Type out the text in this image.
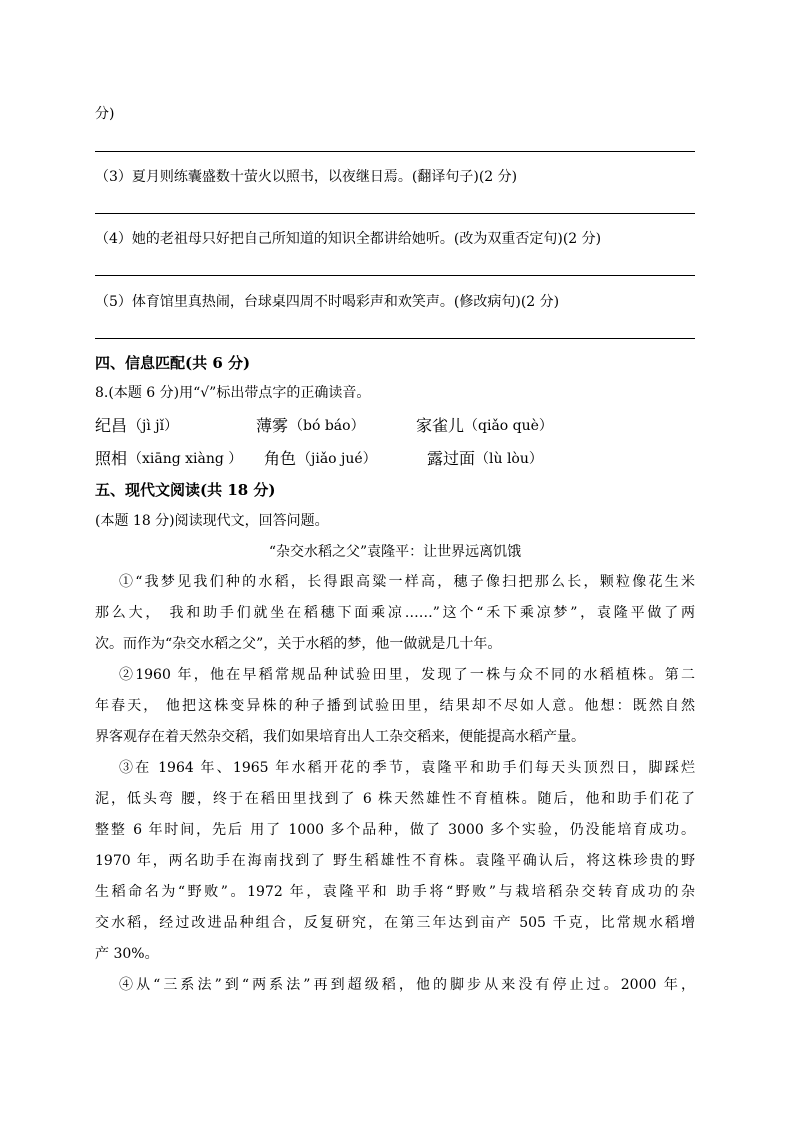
分)
（3）夏月则练囊盛数十萤火以照书，以夜继日焉。(翻译句子)(2 分)
（4）她的老祖母只好把自己所知道的知识全都讲给她听。(改为双重否定句)(2 分)
（5）体育馆里真热闹，台球桌四周不时喝彩声和欢笑声。(修改病句)(2 分)
四、信息匹配(共 6 分)
8.(本题 6 分)用“√”标出带点字的正确读音。
纪昌 （jì jǐ）	薄雾 （bó báo）	家雀儿 （qiǎo què）
照相 （xiāng xiàng ） 角色 （jiǎo jué）	露过面 （lù lòu）
五、现代文阅读(共 18 分)
(本题 18 分)阅读现代文，回答问题。
“杂交水稻之父”袁隆平：让世界远离饥饿
①“我梦见我们种的水稻，长得跟高粱一样高，穗子像扫把那么长，颗粒像花生米
那么大， 我和助手们就坐在稻穗下面乘凉……”这个“禾下乘凉梦”，袁隆平做了两
次。而作为“杂交水稻之父”，关于水稻的梦，他一做就是几十年。
②1960 年，他在早稻常规品种试验田里，发现了一株与众不同的水稻植株。第二
年春天， 他把这株变异株的种子播到试验田里，结果却不尽如人意。他想：既然自然
界客观存在着天然杂交稻，我们如果培育出人工杂交稻来，便能提高水稻产量。
③在 1964 年、1965 年水稻开花的季节，袁隆平和助手们每天头顶烈日，脚踩烂
泥，低头弯 腰，终于在稻田里找到了 6 株天然雄性不育植株。随后，他和助手们花了
整整 6 年时间，先后 用了 1000 多个品种，做了 3000 多个实验，仍没能培育成功。
1970 年，两名助手在海南找到了 野生稻雄性不育株。袁隆平确认后，将这株珍贵的野
生稻命名为“野败”。1972 年，袁隆平和 助手将“野败”与栽培稻杂交转育成功的杂
交水稻，经过改进品种组合，反复研究，在第三年达到亩产 505 千克，比常规水稻增
产 30%。
④从“三系法”到“两系法”再到超级稻，他的脚步从来没有停止过。2000 年，
